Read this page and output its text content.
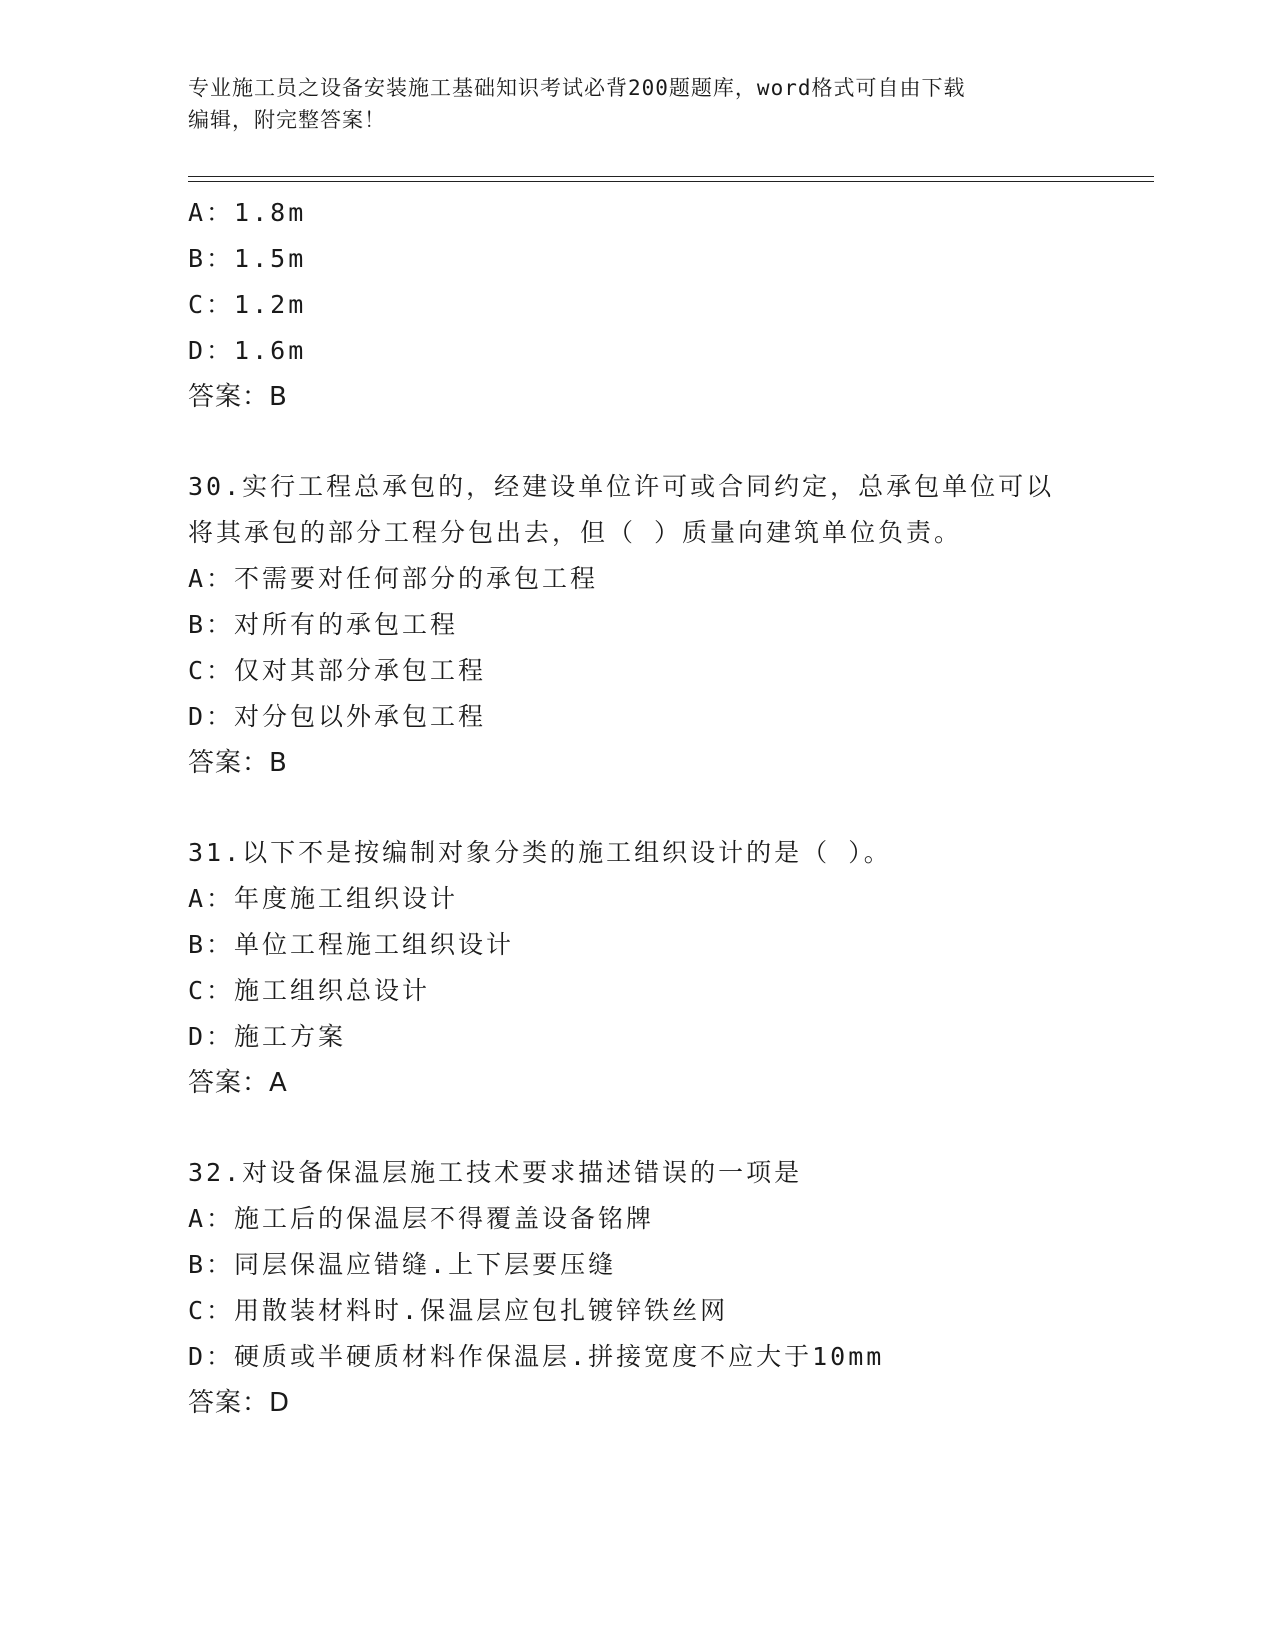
专业施工员之设备安装施工基础知识考试必背200题题库，word格式可自由下载
编辑，附完整答案！
A：1.8m
B：1.5m
C：1.2m
D：1.6m
答案：B
30.实行工程总承包的，经建设单位许可或合同约定，总承包单位可以
将其承包的部分工程分包出去，但（ ）质量向建筑单位负责。
A：不需要对任何部分的承包工程
B：对所有的承包工程
C：仅对其部分承包工程
D：对分包以外承包工程
答案：B
31.以下不是按编制对象分类的施工组织设计的是（ ）。
A：年度施工组织设计
B：单位工程施工组织设计
C：施工组织总设计
D：施工方案
答案：A
32.对设备保温层施工技术要求描述错误的一项是
A：施工后的保温层不得覆盖设备铭牌
B：同层保温应错缝.上下层要压缝
C：用散装材料时.保温层应包扎镀锌铁丝网
D：硬质或半硬质材料作保温层.拼接宽度不应大于10mm
答案：D
